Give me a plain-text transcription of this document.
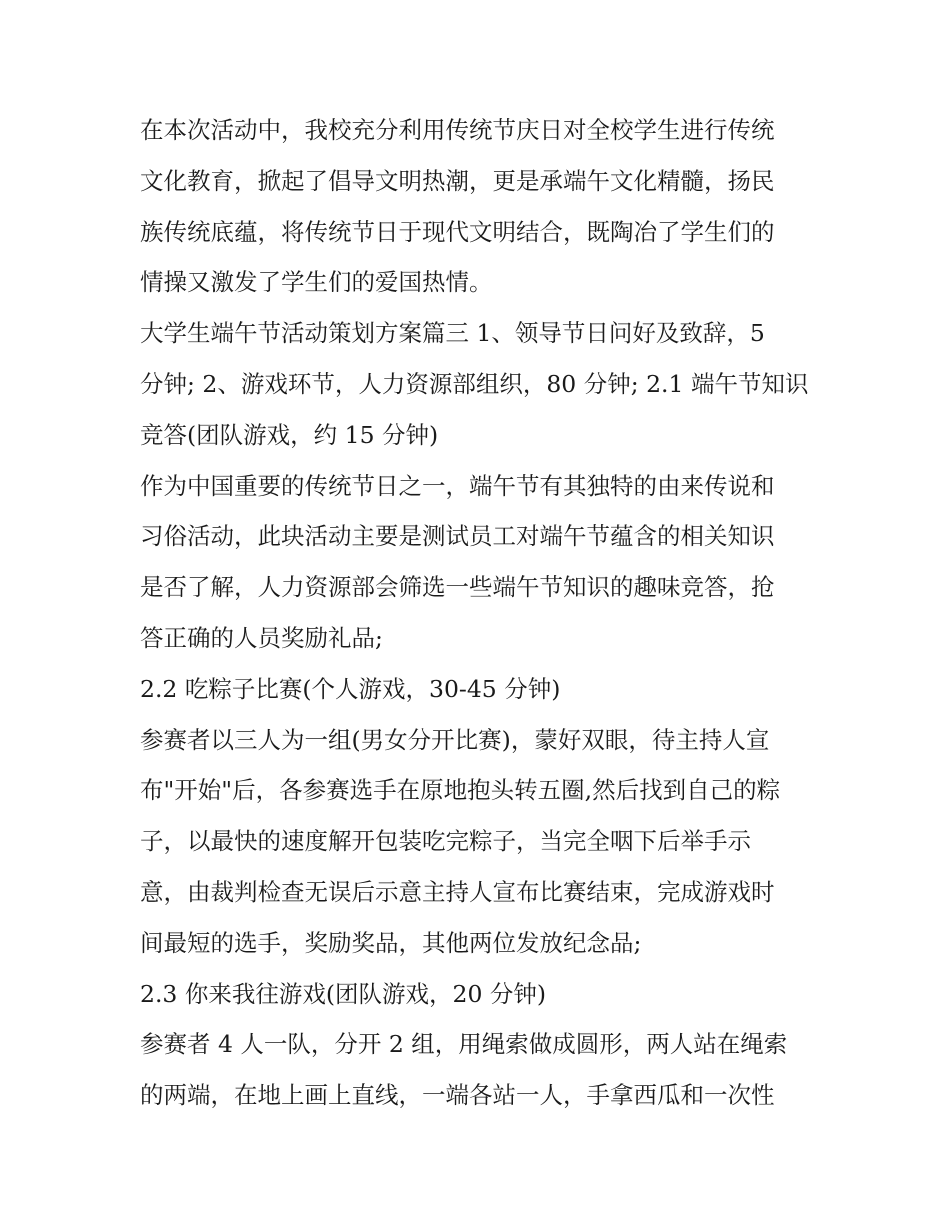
在本次活动中，我校充分利用传统节庆日对全校学生进行传统
文化教育，掀起了倡导文明热潮，更是承端午文化精髓，扬民
族传统底蕴，将传统节日于现代文明结合，既陶冶了学生们的
情操又激发了学生们的爱国热情。
大学生端午节活动策划方案篇三 1、领导节日问好及致辞，5
分钟; 2、游戏环节，人力资源部组织，80 分钟; 2.1 端午节知识
竞答(团队游戏，约 15 分钟)
作为中国重要的传统节日之一，端午节有其独特的由来传说和
习俗活动，此块活动主要是测试员工对端午节蕴含的相关知识
是否了解，人力资源部会筛选一些端午节知识的趣味竞答，抢
答正确的人员奖励礼品;
2.2 吃粽子比赛(个人游戏，30-45 分钟)
参赛者以三人为一组(男女分开比赛)，蒙好双眼，待主持人宣
布"开始"后，各参赛选手在原地抱头转五圈,然后找到自己的粽
子，以最快的速度解开包装吃完粽子，当完全咽下后举手示
意，由裁判检查无误后示意主持人宣布比赛结束，完成游戏时
间最短的选手，奖励奖品，其他两位发放纪念品;
2.3 你来我往游戏(团队游戏，20 分钟)
参赛者 4 人一队，分开 2 组，用绳索做成圆形，两人站在绳索
的两端，在地上画上直线，一端各站一人，手拿西瓜和一次性
